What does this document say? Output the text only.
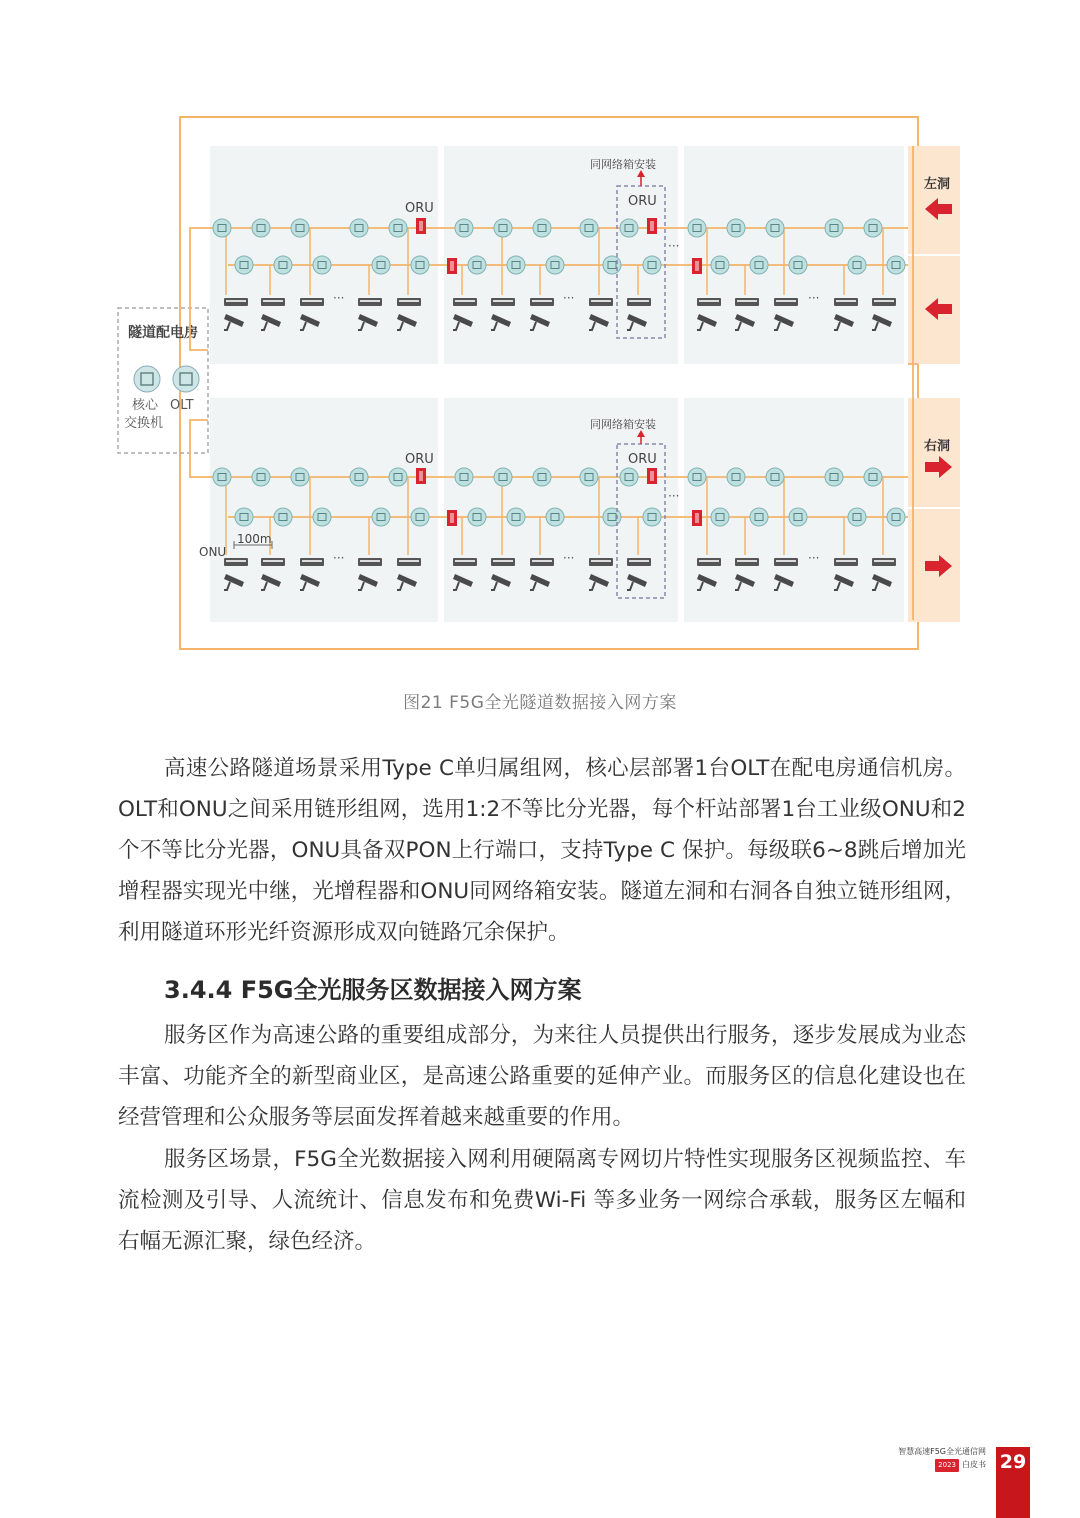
隧道配电房
核心 OLT
交换机
···	···	···
···
ORU	ORU
同网络箱安装
左洞
···	···	···
···
ORU	ORU
同网络箱安装
100m
ONU
右洞
图21 F5G全光隧道数据接入网方案

高速公路隧道场景采用Type C单归属组网，核心层部署1台OLT在配电房通信机房。OLT和ONU之间采用链形组网，选用1:2不等比分光器，每个杆站部署1台工业级ONU和2个不等比分光器，ONU具备双PON上行端口，支持Type C 保护。每级联6~8跳后增加光增程器实现光中继，光增程器和ONU同网络箱安装。隧道左洞和右洞各自独立链形组网，利用隧道环形光纤资源形成双向链路冗余保护。

3.4.4 F5G全光服务区数据接入网方案

服务区作为高速公路的重要组成部分，为来往人员提供出行服务，逐步发展成为业态丰富、功能齐全的新型商业区，是高速公路重要的延伸产业。而服务区的信息化建设也在经营管理和公众服务等层面发挥着越来越重要的作用。

服务区场景，F5G全光数据接入网利用硬隔离专网切片特性实现服务区视频监控、车流检测及引导、人流统计、信息发布和免费Wi-Fi 等多业务一网综合承载，服务区左幅和右幅无源汇聚，绿色经济。

智慧高速F5G全光通信网
2023 白皮书 29
